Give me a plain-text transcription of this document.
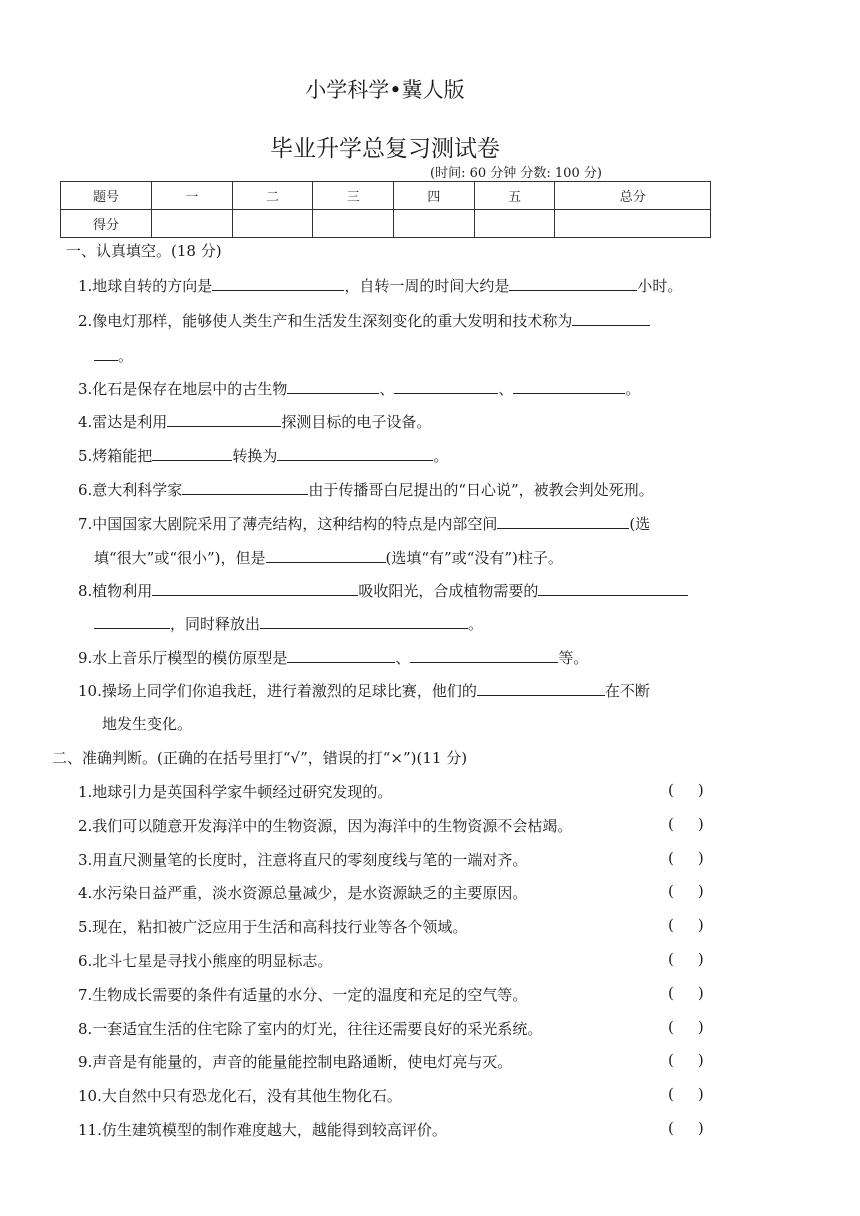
小学科学•冀人版
毕业升学总复习测试卷
(时间: 60 分钟 分数: 100 分)
题号	一	二	三	四	五	总分
得分						
一、认真填空。(18 分)
1.地球自转的方向是	，自转一周的时间大约是	小时。
2.像电灯那样，能够使人类生产和生活发生深刻变化的重大发明和技术称为
。
3.化石是保存在地层中的古生物	、	、	。
4.雷达是利用	探测目标的电子设备。
5.烤箱能把	转换为	。
6.意大利科学家	由于传播哥白尼提出的“日心说”，被教会判处死刑。
7.中国国家大剧院采用了薄壳结构，这种结构的特点是内部空间	(选
填“很大”或“很小”)，但是	(选填“有”或“没有”)柱子。
8.植物利用	吸收阳光，合成植物需要的
，同时释放出	。
9.水上音乐厅模型的模仿原型是	、	等。
10.操场上同学们你追我赶，进行着激烈的足球比赛，他们的	在不断
地发生变化。
二、准确判断。(正确的在括号里打“√”，错误的打“×”)(11 分)
1.地球引力是英国科学家牛顿经过研究发现的。	( )
2.我们可以随意开发海洋中的生物资源，因为海洋中的生物资源不会枯竭。	( )
3.用直尺测量笔的长度时，注意将直尺的零刻度线与笔的一端对齐。	( )
4.水污染日益严重，淡水资源总量减少，是水资源缺乏的主要原因。	( )
5.现在，粘扣被广泛应用于生活和高科技行业等各个领域。	( )
6.北斗七星是寻找小熊座的明显标志。	( )
7.生物成长需要的条件有适量的水分、一定的温度和充足的空气等。	( )
8.一套适宜生活的住宅除了室内的灯光，往往还需要良好的采光系统。	( )
9.声音是有能量的，声音的能量能控制电路通断，使电灯亮与灭。	( )
10.大自然中只有恐龙化石，没有其他生物化石。	( )
11.仿生建筑模型的制作难度越大，越能得到较高评价。	( )
